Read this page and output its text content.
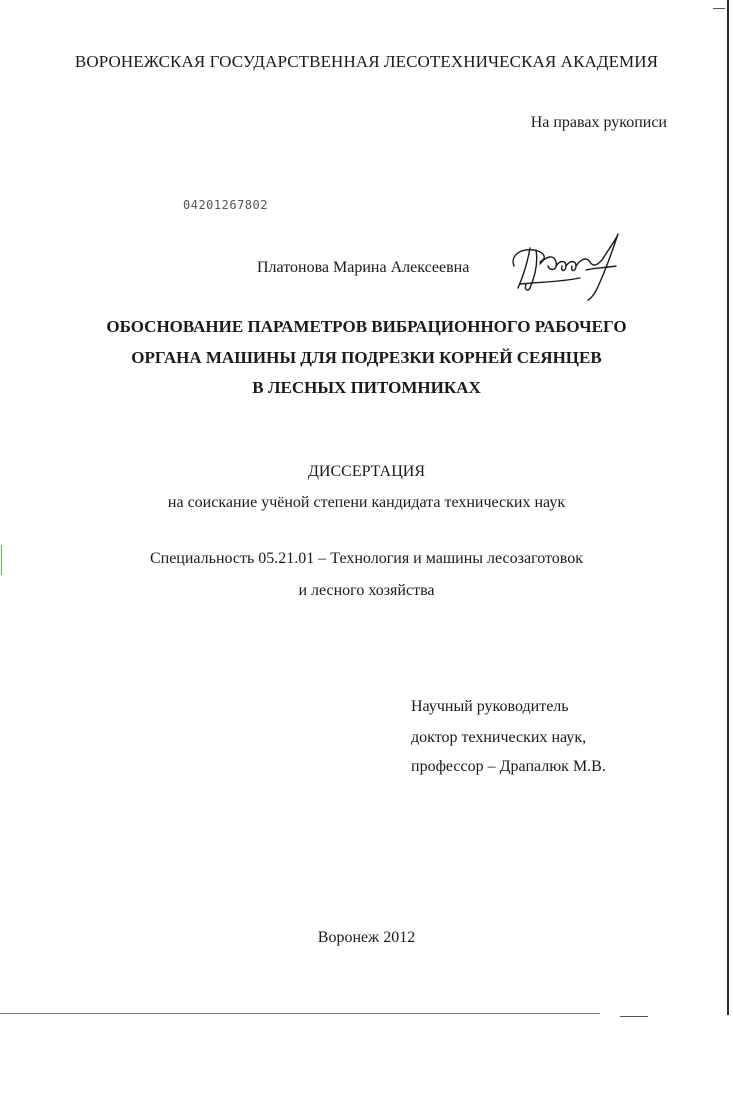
ВОРОНЕЖСКАЯ ГОСУДАРСТВЕННАЯ ЛЕСОТЕХНИЧЕСКАЯ АКАДЕМИЯ
На правах рукописи
04201267802
Платонова Марина Алексеевна
ОБОСНОВАНИЕ ПАРАМЕТРОВ ВИБРАЦИОННОГО РАБОЧЕГО
ОРГАНА МАШИНЫ ДЛЯ ПОДРЕЗКИ КОРНЕЙ СЕЯНЦЕВ
В ЛЕСНЫХ ПИТОМНИКАХ
ДИССЕРТАЦИЯ
на соискание учёной степени кандидата технических наук
Специальность 05.21.01 – Технология и машины лесозаготовок
и лесного хозяйства
Научный руководитель
доктор технических наук,
профессор – Драпалюк М.В.
Воронеж 2012
